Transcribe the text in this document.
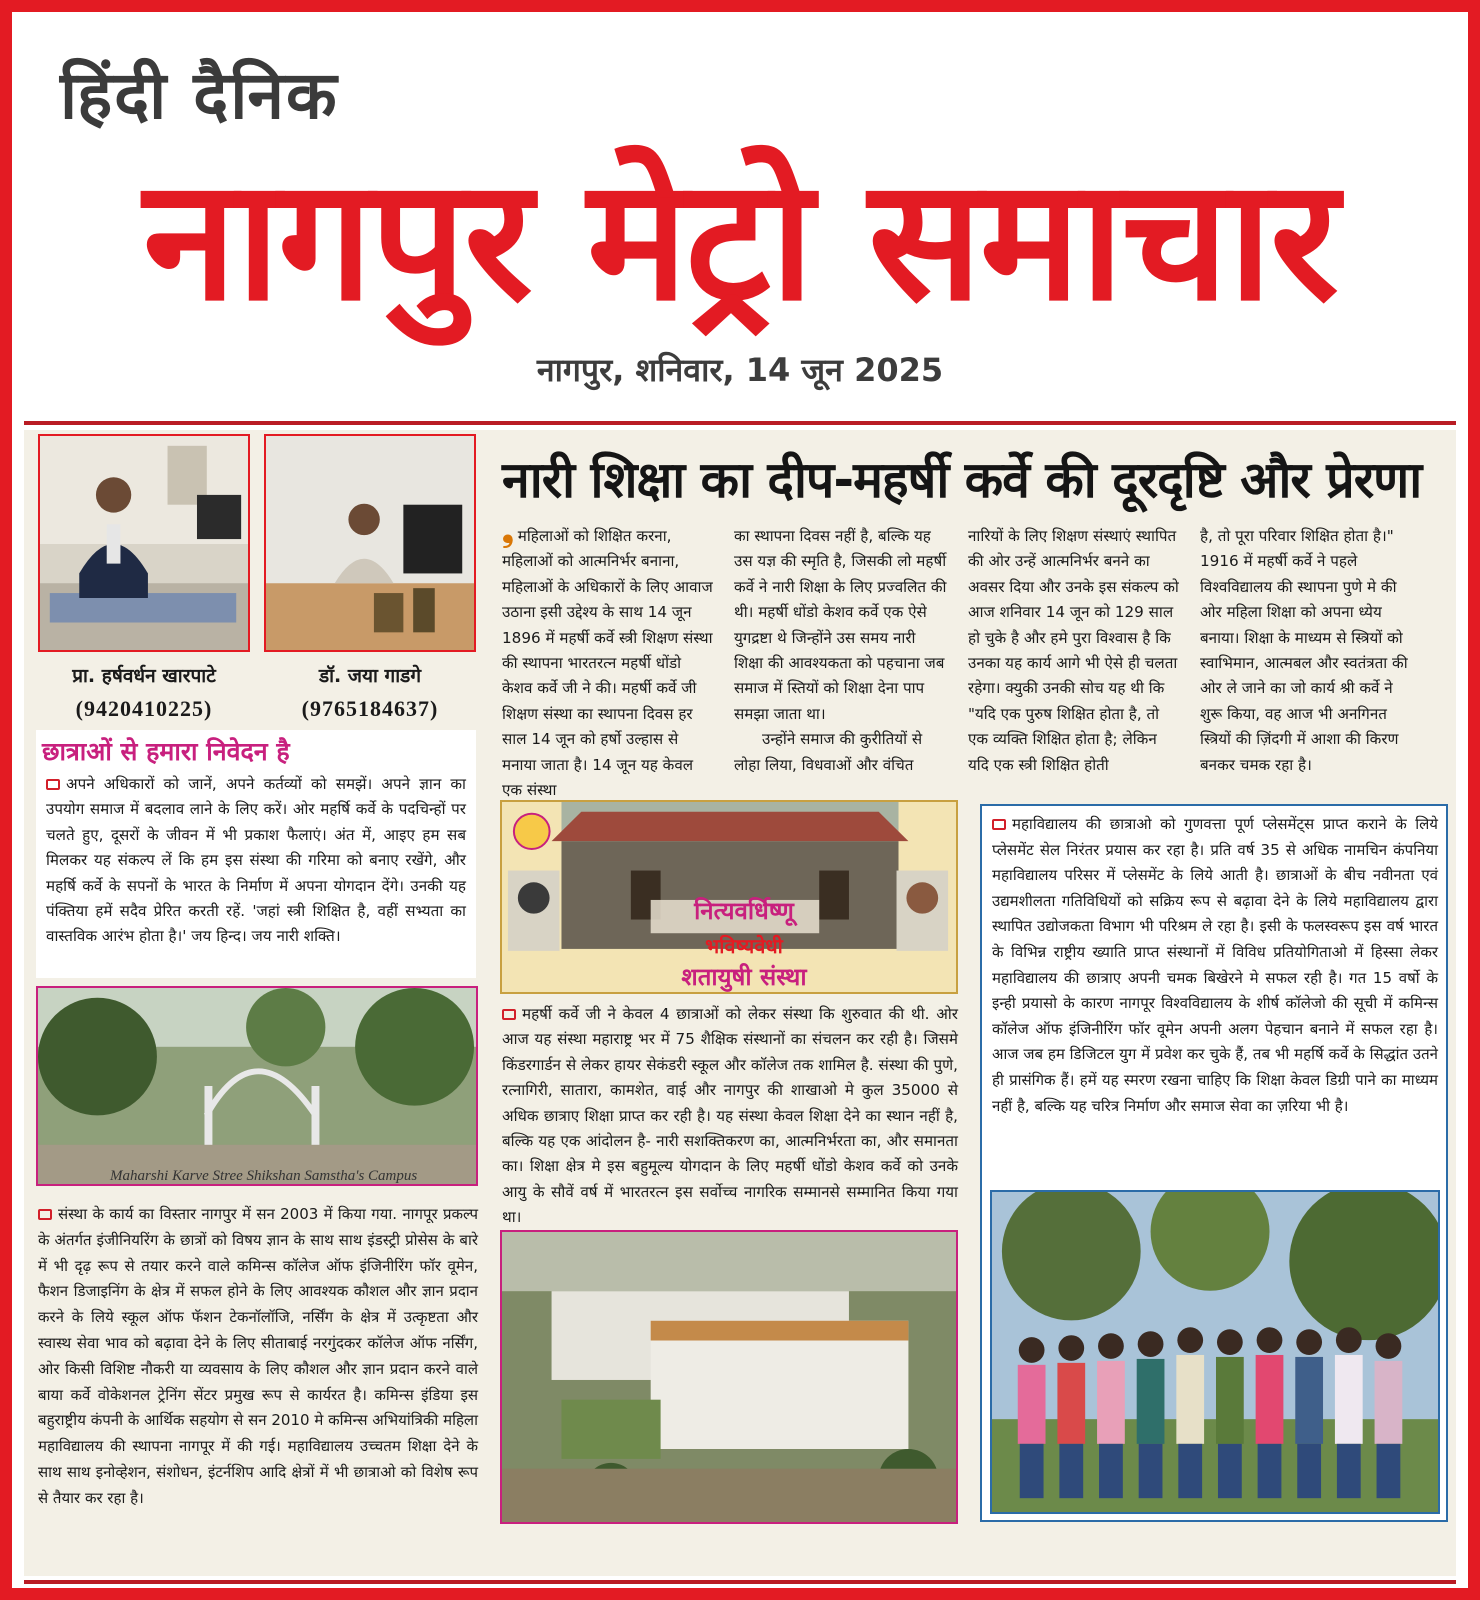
हिंदी दैनिक
नागपुर मेट्रो समाचार
नागपुर, शनिवार, 14 जून 2025
प्रा. हर्षवर्धन खारपाटे
(9420410225)
डॉ. जया गाडगे
(9765184637)
छात्राओं से हमारा निवेदन है
अपने अधिकारों को जानें, अपने कर्तव्यों को समझें। अपने ज्ञान का उपयोग समाज में बदलाव लाने के लिए करें। ओर महर्षि कर्वे के पदचिन्हों पर चलते हुए, दूसरों के जीवन में भी प्रकाश फैलाएं। अंत में, आइए हम सब मिलकर यह संकल्प लें कि हम इस संस्था की गरिमा को बनाए रखेंगे, और महर्षि कर्वे के सपनों के भारत के निर्माण में अपना योगदान देंगे। उनकी यह पंक्तिया हमें सदैव प्रेरित करती रहें. 'जहां स्त्री शिक्षित है, वहीं सभ्यता का वास्तविक आरंभ होता है।' जय हिन्द। जय नारी शक्ति।
Maharshi Karve Stree Shikshan Samstha's Campus
संस्था के कार्य का विस्तार नागपुर में सन 2003 में किया गया. नागपूर प्रकल्प के अंतर्गत इंजीनियरिंग के छात्रों को विषय ज्ञान के साथ साथ इंडस्ट्री प्रोसेस के बारे में भी दृढ़ रूप से तयार करने वाले कमिन्स कॉलेज ऑफ इंजिनीरिंग फॉर वूमेन, फैशन डिजाइनिंग के क्षेत्र में सफल होने के लिए आवश्यक कौशल और ज्ञान प्रदान करने के लिये स्कूल ऑफ फॅशन टेकनॉलॉजि, नर्सिंग के क्षेत्र में उत्कृष्टता और स्वास्थ सेवा भाव को बढ़ावा देने के लिए सीताबाई नरगुंदकर कॉलेज ऑफ नर्सिंग, ओर किसी विशिष्ट नौकरी या व्यवसाय के लिए कौशल और ज्ञान प्रदान करने वाले बाया कर्वे वोकेशनल ट्रेनिंग सेंटर प्रमुख रूप से कार्यरत है। कमिन्स इंडिया इस बहुराष्ट्रीय कंपनी के आर्थिक सहयोग से सन 2010 मे कमिन्स अभियांत्रिकी महिला महाविद्यालय की स्थापना नागपूर में की गई। महाविद्यालय उच्चतम शिक्षा देने के साथ साथ इनोव्हेशन, संशोधन, इंटर्नशिप आदि क्षेत्रों में भी छात्राओ को विशेष रूप से तैयार कर रहा है।
नारी शिक्षा का दीप-महर्षी कर्वे की दूरदृष्टि और प्रेरणा
❟ महिलाओं को शिक्षित करना, महिलाओं को आत्मनिर्भर बनाना, महिलाओं के अधिकारों के लिए आवाज उठाना इसी उद्देश्य के साथ 14 जून 1896 में महर्षी कर्वे स्त्री शिक्षण संस्था की स्थापना भारतरत्न महर्षी धोंडो केशव कर्वे जी ने की। महर्षी कर्वे जी शिक्षण संस्था का स्थापना दिवस हर साल 14 जून को हर्षो उल्हास से मनाया जाता है। 14 जून यह केवल एक संस्था
का स्थापना दिवस नहीं है, बल्कि यह उस यज्ञ की स्मृति है, जिसकी लो महर्षी कर्वे ने नारी शिक्षा के लिए प्रज्वलित की थी। महर्षी धोंडो केशव कर्वे एक ऐसे युगद्रष्टा थे जिन्होंने उस समय नारी शिक्षा की आवश्यकता को पहचाना जब समाज में स्तियों को शिक्षा देना पाप समझा जाता था।
उन्होंने समाज की कुरीतियों से लोहा लिया, विधवाओं और वंचित
नारियों के लिए शिक्षण संस्थाएं स्थापित की ओर उन्हें आत्मनिर्भर बनने का अवसर दिया और उनके इस संकल्प को आज शनिवार 14 जून को 129 साल हो चुके है और हमे पुरा विश्वास है कि उनका यह कार्य आगे भी ऐसे ही चलता रहेगा। क्युकी उनकी सोच यह थी कि "यदि एक पुरुष शिक्षित होता है, तो एक व्यक्ति शिक्षित होता है; लेकिन यदि एक स्त्री शिक्षित होती
है, तो पूरा परिवार शिक्षित होता है।" 1916 में महर्षी कर्वे ने पहले विश्वविद्यालय की स्थापना पुणे मे की ओर महिला शिक्षा को अपना ध्येय बनाया। शिक्षा के माध्यम से स्त्रियों को स्वाभिमान, आत्मबल और स्वतंत्रता की ओर ले जाने का जो कार्य श्री कर्वे ने शुरू किया, वह आज भी अनगिनत स्त्रियों की ज़िंदगी में आशा की किरण बनकर चमक रहा है।
नित्यवर्धिष्णू
भविष्यवेधी
शतायुषी संस्था
महर्षी कर्वे जी ने केवल 4 छात्राओं को लेकर संस्था कि शुरुवात की थी. ओर आज यह संस्था महाराष्ट्र भर में 75 शैक्षिक संस्थानों का संचलन कर रही है। जिसमे किंडरगार्डन से लेकर हायर सेकंडरी स्कूल और कॉलेज तक शामिल है. संस्था की पुणे, रत्नागिरी, सातारा, कामशेत, वाई और नागपुर की शाखाओ मे कुल 35000 से अधिक छात्राए शिक्षा प्राप्त कर रही है। यह संस्था केवल शिक्षा देने का स्थान नहीं है, बल्कि यह एक आंदोलन है- नारी सशक्तिकरण का, आत्मनिर्भरता का, और समानता का। शिक्षा क्षेत्र मे इस बहुमूल्य योगदान के लिए महर्षी धोंडो केशव कर्वे को उनके आयु के सौवें वर्ष में भारतरत्न इस सर्वोच्च नागरिक सम्मानसे सम्मानित किया गया था।
महाविद्यालय की छात्राओ को गुणवत्ता पूर्ण प्लेसमेंट्स प्राप्त कराने के लिये प्लेसमेंट सेल निरंतर प्रयास कर रहा है। प्रति वर्ष 35 से अधिक नामचिन कंपनिया महाविद्यालय परिसर में प्लेसमेंट के लिये आती है। छात्राओं के बीच नवीनता एवं उद्यमशीलता गतिविधियों को सक्रिय रूप से बढ़ावा देने के लिये महाविद्यालय द्वारा स्थापित उद्योजकता विभाग भी परिश्रम ले रहा है। इसी के फलस्वरूप इस वर्ष भारत के विभिन्न राष्ट्रीय ख्याति प्राप्त संस्थानों में विविध प्रतियोगिताओ में हिस्सा लेकर महाविद्यालय की छात्राए अपनी चमक बिखेरने मे सफल रही है। गत 15 वर्षो के इन्ही प्रयासो के कारण नागपूर विश्वविद्यालय के शीर्ष कॉलेजो की सूची में कमिन्स कॉलेज ऑफ इंजिनीरिंग फॉर वूमेन अपनी अलग पेहचान बनाने में सफल रहा है। आज जब हम डिजिटल युग में प्रवेश कर चुके हैं, तब भी महर्षि कर्वे के सिद्धांत उतने ही प्रासंगिक हैं। हमें यह स्मरण रखना चाहिए कि शिक्षा केवल डिग्री पाने का माध्यम नहीं है, बल्कि यह चरित्र निर्माण और समाज सेवा का ज़रिया भी है।
